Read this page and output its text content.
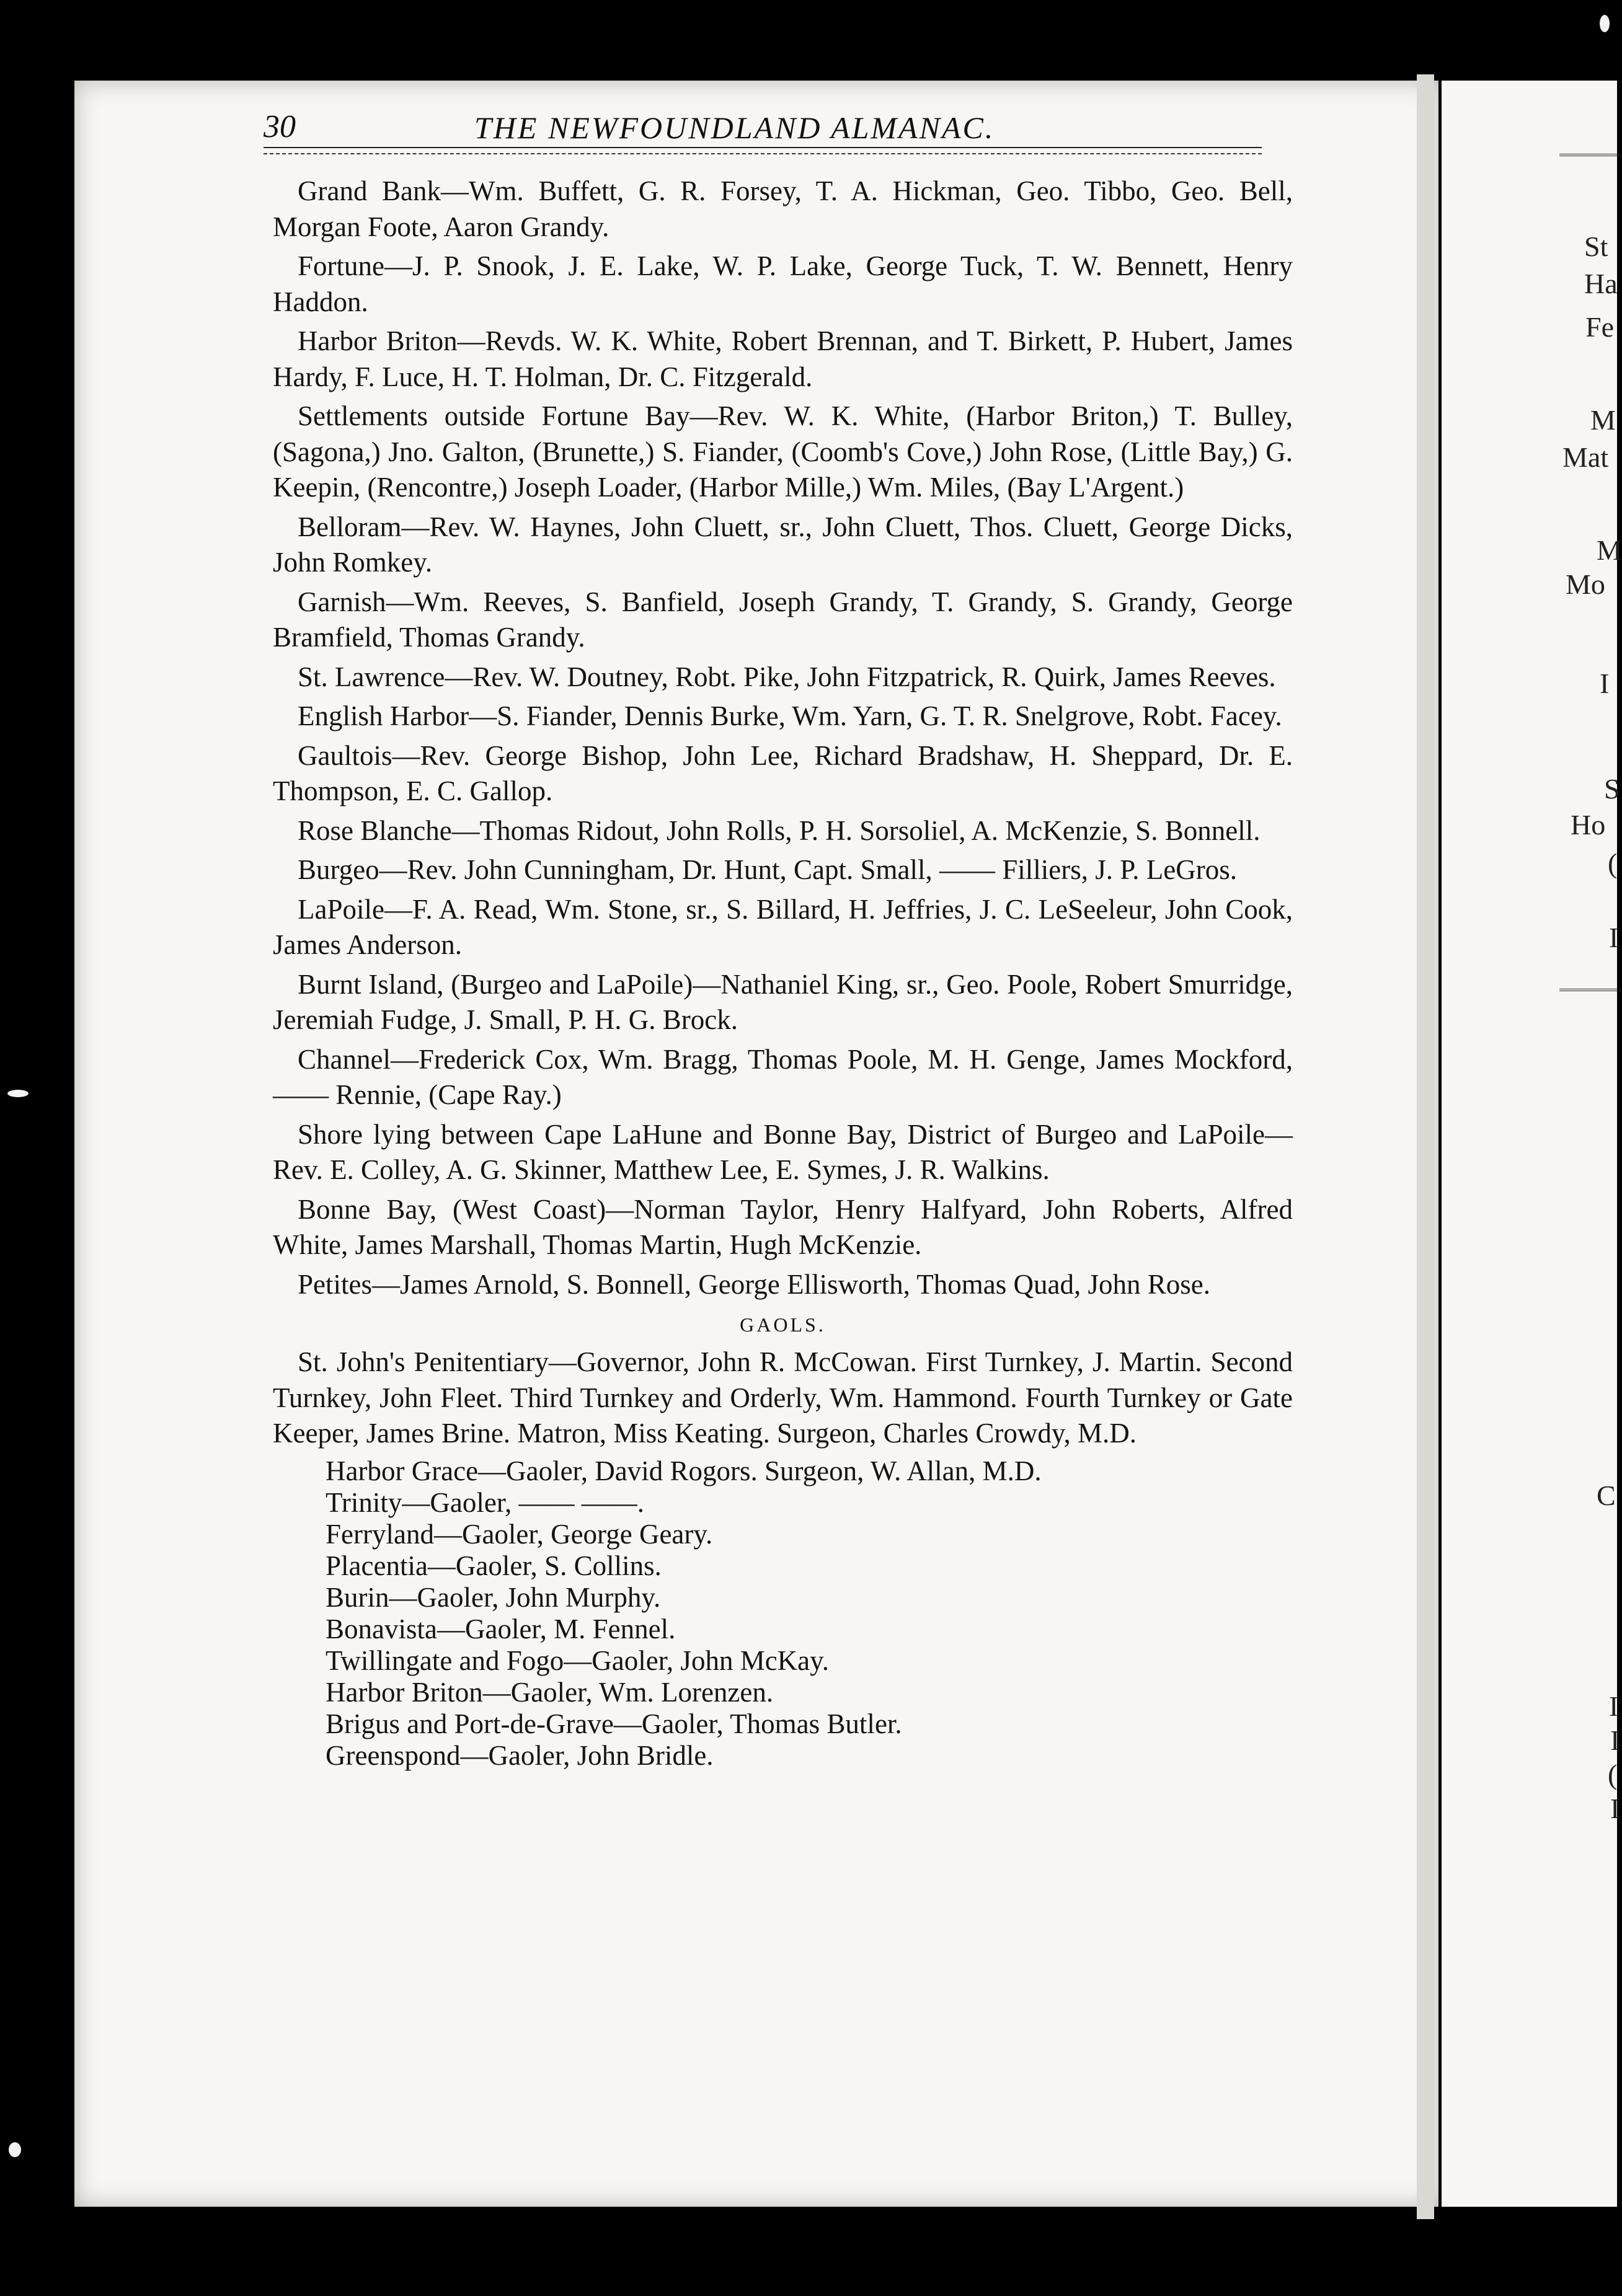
St
Ha
Fe
M
Mat
M
Mo
I
S
Ho
(
I
C
I
I
(
I
30	THE NEWFOUNDLAND ALMANAC.

Grand Bank—Wm. Buffett, G. R. Forsey, T. A. Hickman, Geo. Tibbo, Geo. Bell, Morgan Foote, Aaron Grandy.

Fortune—J. P. Snook, J. E. Lake, W. P. Lake, George Tuck, T. W. Bennett, Henry Haddon.

Harbor Briton—Revds. W. K. White, Robert Brennan, and T. Birkett, P. Hubert, James Hardy, F. Luce, H. T. Holman, Dr. C. Fitzgerald.

Settlements outside Fortune Bay—Rev. W. K. White, (Harbor Briton,) T. Bulley, (Sagona,) Jno. Galton, (Brunette,) S. Fiander, (Coomb's Cove,) John Rose, (Little Bay,) G. Keepin, (Rencontre,) Joseph Loader, (Harbor Mille,) Wm. Miles, (Bay L'Argent.)

Belloram—Rev. W. Haynes, John Cluett, sr., John Cluett, Thos. Cluett, George Dicks, John Romkey.

Garnish—Wm. Reeves, S. Banfield, Joseph Grandy, T. Grandy, S. Grandy, George Bramfield, Thomas Grandy.

St. Lawrence—Rev. W. Doutney, Robt. Pike, John Fitzpatrick, R. Quirk, James Reeves.

English Harbor—S. Fiander, Dennis Burke, Wm. Yarn, G. T. R. Snelgrove, Robt. Facey.

Gaultois—Rev. George Bishop, John Lee, Richard Bradshaw, H. Sheppard, Dr. E. Thompson, E. C. Gallop.

Rose Blanche—Thomas Ridout, John Rolls, P. H. Sorsoliel, A. McKenzie, S. Bonnell.

Burgeo—Rev. John Cunningham, Dr. Hunt, Capt. Small, —— Filliers, J. P. LeGros.

LaPoile—F. A. Read, Wm. Stone, sr., S. Billard, H. Jeffries, J. C. LeSeeleur, John Cook, James Anderson.

Burnt Island, (Burgeo and LaPoile)—Nathaniel King, sr., Geo. Poole, Robert Smurridge, Jeremiah Fudge, J. Small, P. H. G. Brock.

Channel—Frederick Cox, Wm. Bragg, Thomas Poole, M. H. Genge, James Mockford, —— Rennie, (Cape Ray.)

Shore lying between Cape LaHune and Bonne Bay, District of Burgeo and LaPoile—Rev. E. Colley, A. G. Skinner, Matthew Lee, E. Symes, J. R. Walkins.

Bonne Bay, (West Coast)—Norman Taylor, Henry Halfyard, John Roberts, Alfred White, James Marshall, Thomas Martin, Hugh McKenzie.

Petites—James Arnold, S. Bonnell, George Ellisworth, Thomas Quad, John Rose.

GAOLS.

St. John's Penitentiary—Governor, John R. McCowan. First Turnkey, J. Martin. Second Turnkey, John Fleet. Third Turnkey and Orderly, Wm. Hammond. Fourth Turnkey or Gate Keeper, James Brine. Matron, Miss Keating. Surgeon, Charles Crowdy, M.D.

Harbor Grace—Gaoler, David Rogors. Surgeon, W. Allan, M.D.

Trinity—Gaoler, —— ——.

Ferryland—Gaoler, George Geary.

Placentia—Gaoler, S. Collins.

Burin—Gaoler, John Murphy.

Bonavista—Gaoler, M. Fennel.

Twillingate and Fogo—Gaoler, John McKay.

Harbor Briton—Gaoler, Wm. Lorenzen.

Brigus and Port-de-Grave—Gaoler, Thomas Butler.

Greenspond—Gaoler, John Bridle.
